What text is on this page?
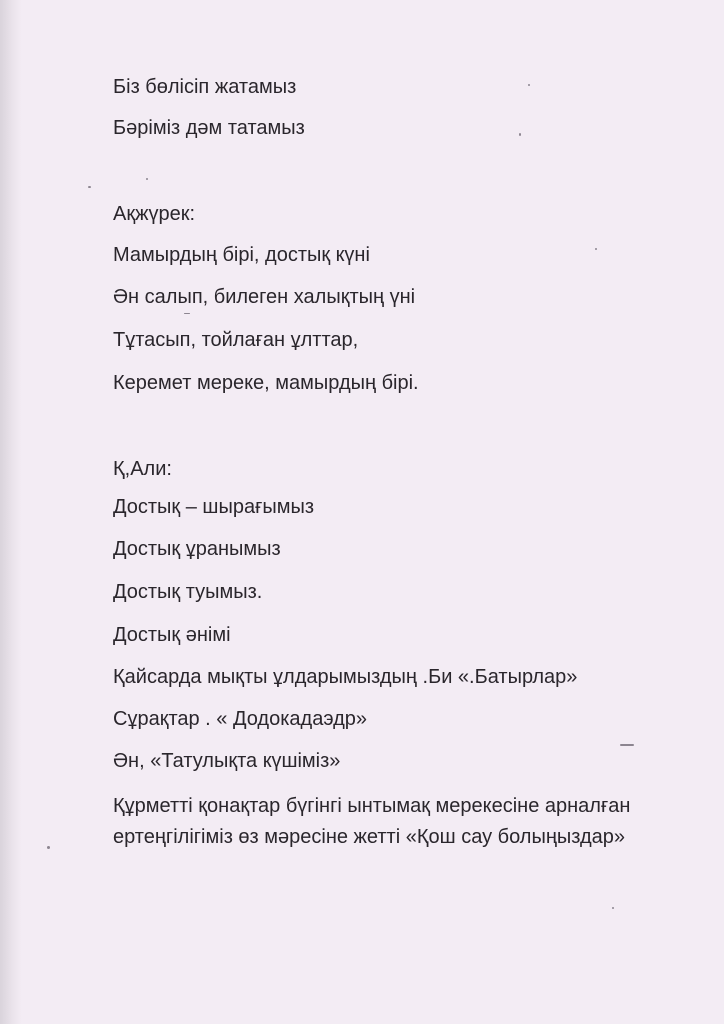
Біз бөлісіп жатамыз
Бәріміз дәм татамыз
Ақжүрек:
Мамырдың бірі, достық күні
Ән салып, билеген халықтың үні
Тұтасып, тойлаған ұлттар,
Керемет мереке, мамырдың бірі.
Қ,Али:
Достық – шырағымыз
Достық ұранымыз
Достық туымыз.
Достық әнімі
Қайсарда мықты ұлдарымыздың .Би «.Батырлар»
Сұрақтар . « Додокадаэдр»
Ән, «Татулықта күшіміз»
Құрметті қонақтар бүгінгі ынтымақ мерекесіне арналған ертеңгілігіміз өз мәресіне жетті «Қош сау болыңыздар»
